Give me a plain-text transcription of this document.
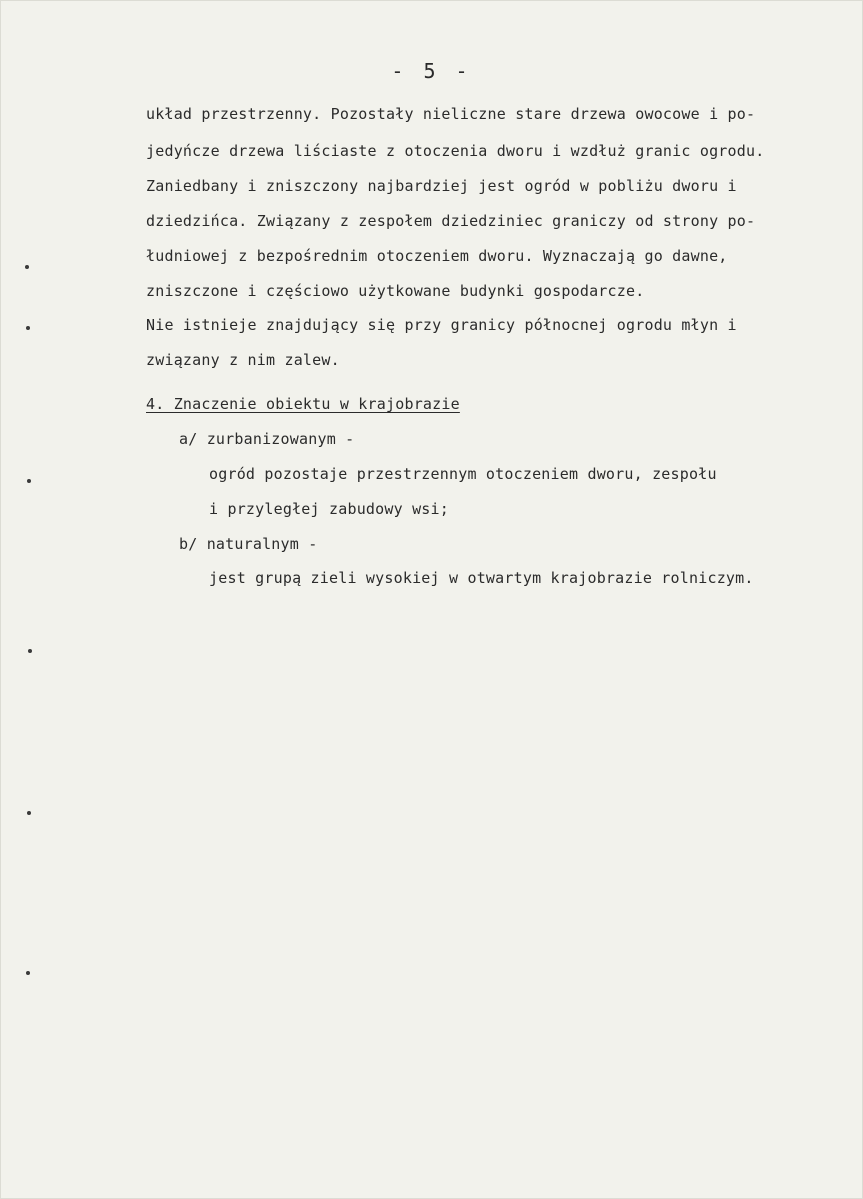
- 5 -
układ przestrzenny. Pozostały nieliczne stare drzewa owocowe i po-
jedyńcze drzewa liściaste z otoczenia dworu i wzdłuż granic ogrodu.
Zaniedbany i zniszczony najbardziej jest ogród w pobliżu dworu i
dziedzińca. Związany z zespołem dziedziniec graniczy od strony po-
łudniowej z bezpośrednim otoczeniem dworu. Wyznaczają go dawne,
zniszczone i częściowo użytkowane budynki gospodarcze.
Nie istnieje znajdujący się przy granicy północnej ogrodu młyn i
związany z nim zalew.
4. Znaczenie obiektu w krajobrazie
a/ zurbanizowanym -
ogród pozostaje przestrzennym otoczeniem dworu, zespołu
i przyległej zabudowy wsi;
b/ naturalnym -
jest grupą zieli wysokiej w otwartym krajobrazie rolniczym.
